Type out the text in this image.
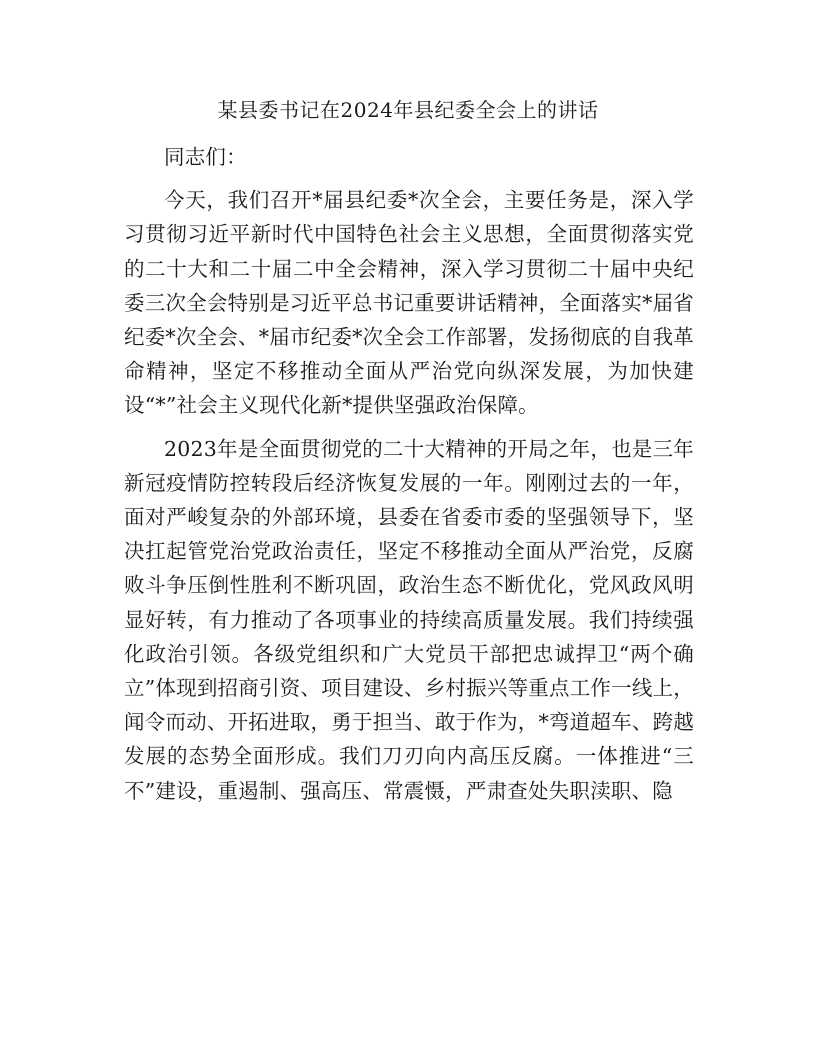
某县委书记在2024年县纪委全会上的讲话

同志们：

今天，我们召开*届县纪委*次全会，主要任务是，深入学习贯彻习近平新时代中国特色社会主义思想，全面贯彻落实党的二十大和二十届二中全会精神，深入学习贯彻二十届中央纪委三次全会特别是习近平总书记重要讲话精神，全面落实*届省纪委*次全会、*届市纪委*次全会工作部署，发扬彻底的自我革命精神，坚定不移推动全面从严治党向纵深发展，为加快建设“*”社会主义现代化新*提供坚强政治保障。

2023年是全面贯彻党的二十大精神的开局之年，也是三年新冠疫情防控转段后经济恢复发展的一年。刚刚过去的一年，面对严峻复杂的外部环境，县委在省委市委的坚强领导下，坚决扛起管党治党政治责任，坚定不移推动全面从严治党，反腐败斗争压倒性胜利不断巩固，政治生态不断优化，党风政风明显好转，有力推动了各项事业的持续高质量发展。我们持续强化政治引领。各级党组织和广大党员干部把忠诚捍卫“两个确立”体现到招商引资、项目建设、乡村振兴等重点工作一线上，闻令而动、开拓进取，勇于担当、敢于作为，*弯道超车、跨越发展的态势全面形成。我们刀刃向内高压反腐。一体推进“三不”建设，重遏制、强高压、常震慑，严肃查处失职渎职、隐
